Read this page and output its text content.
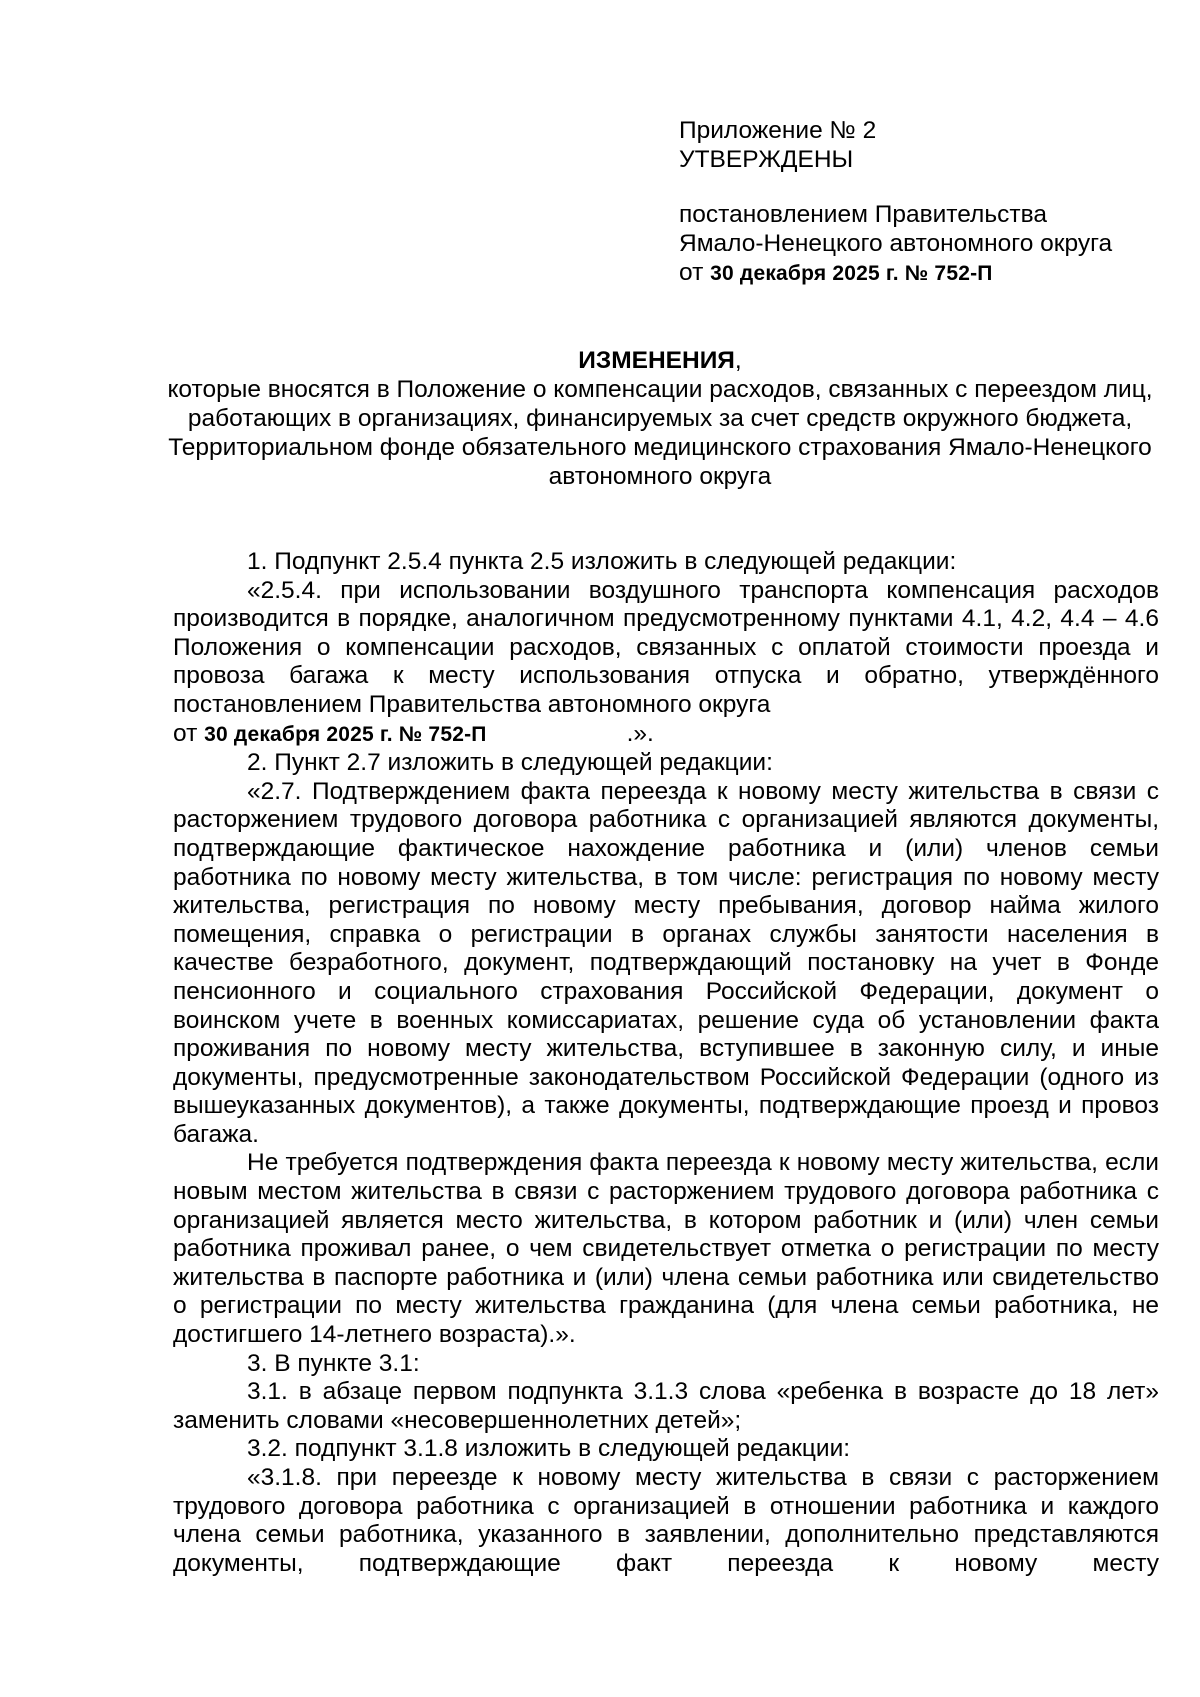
Приложение № 2
УТВЕРЖДЕНЫ
постановлением Правительства
Ямало-Ненецкого автономного округа
от 30 декабря 2025 г. № 752-П
ИЗМЕНЕНИЯ,
которые вносятся в Положение о компенсации расходов, связанных с переездом лиц, работающих в организациях, финансируемых за счет средств окружного бюджета, Территориальном фонде обязательного медицинского страхования Ямало-Ненецкого автономного округа

1. Подпункт 2.5.4 пункта 2.5 изложить в следующей редакции:

«2.5.4. при использовании воздушного транспорта компенсация расходов производится в порядке, аналогичном предусмотренному пунктами 4.1, 4.2, 4.4 – 4.6 Положения о компенсации расходов, связанных с оплатой стоимости проезда и провоза багажа к месту использования отпуска и обратно, утверждённого постановлением Правительства автономного округа

от 30 декабря 2025 г. № 752-П	.».

2. Пункт 2.7 изложить в следующей редакции:

«2.7. Подтверждением факта переезда к новому месту жительства в связи с расторжением трудового договора работника с организацией являются документы, подтверждающие фактическое нахождение работника и (или) членов семьи работника по новому месту жительства, в том числе: регистрация по новому месту жительства, регистрация по новому месту пребывания, договор найма жилого помещения, справка о регистрации в органах службы занятости населения в качестве безработного, документ, подтверждающий постановку на учет в Фонде пенсионного и социального страхования Российской Федерации, документ о воинском учете в военных комиссариатах, решение суда об установлении факта проживания по новому месту жительства, вступившее в законную силу, и иные документы, предусмотренные законодательством Российской Федерации (одного из вышеуказанных документов), а также документы, подтверждающие проезд и провоз багажа.

Не требуется подтверждения факта переезда к новому месту жительства, если новым местом жительства в связи с расторжением трудового договора работника с организацией является место жительства, в котором работник и (или) член семьи работника проживал ранее, о чем свидетельствует отметка о регистрации по месту жительства в паспорте работника и (или) члена семьи работника или свидетельство о регистрации по месту жительства гражданина (для члена семьи работника, не достигшего 14-летнего возраста).».

3. В пункте 3.1:

3.1. в абзаце первом подпункта 3.1.3 слова «ребенка в возрасте до 18 лет» заменить словами «несовершеннолетних детей»;

3.2. подпункт 3.1.8 изложить в следующей редакции:

«3.1.8. при переезде к новому месту жительства в связи с расторжением трудового договора работника с организацией в отношении работника и каждого члена семьи работника, указанного в заявлении, дополнительно представляются документы, подтверждающие факт переезда к новому месту
